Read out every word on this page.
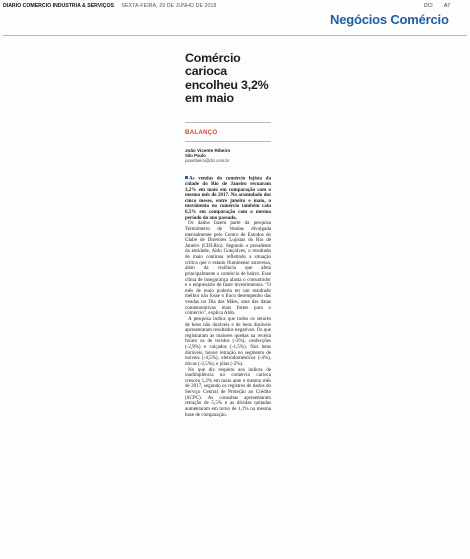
DIÁRIO COMÉRCIO INDÚSTRIA & SERVIÇOS SEXTA-FEIRA, 29 DE JUNHO DE 2018	DCI A7
Negócios Comércio
Comércio carioca encolheu 3,2% em maio
BALANÇO
João Vicente Ribeiro
São Paulo
joaoribeiro@dci.com.br

As vendas do comércio lojista da cidade do Rio de Janeiro recuaram 3,2% em maio em comparação com o mesmo mês de 2017. No acumulado dos cinco meses, entre janeiro e maio, o movimento no comércio também caiu 6,5% em comparação com o mesmo período do ano passado.

Os dados fazem parte da pesquisa Termômetro de Vendas divulgada mensalmente pelo Centro de Estudos do Clube de Diretores Lojistas do Rio de Janeiro (CDLRio). Segundo o presidente da entidade, Aldo Gonçalves, o resultado de maio continua refletindo a situação crítica que o estado fluminense atravessa, além da violência que afeta principalmente o comércio de bairro. Esse clima de insegurança afasta o consumidor e o empresário de fazer investimentos. "O mês de maio poderia ter um resultado melhor não fosse o fraco desempenho das vendas no Dia das Mães, uma das datas comemorativas mais fortes para o comércio", explica Aldo.

A pesquisa indica que todos os setores de bens não duráveis e de bens duráveis apresentaram resultados negativos. Os que registraram as maiores quedas na receita foram os de tecidos (-3%), confecções (-2,9%) e calçados (-1,5%). Nos bens duráveis, houve retração no segmento de móveis (-4,5%), eletrodomésticos (-4%), óticas (-3,5%), e jóias (-2%).

No que diz respeito aos índices de inadimplência no comércio carioca cresceu 1,2% em maio ante o mesmo mês de 2017, segundo os registros de dados do Serviço Central de Proteção ao Crédito (SCPC). As consultas apresentaram retração de 5,5% e as dívidas quitadas aumentaram em torno de 1,1% na mesma base de comparação.
